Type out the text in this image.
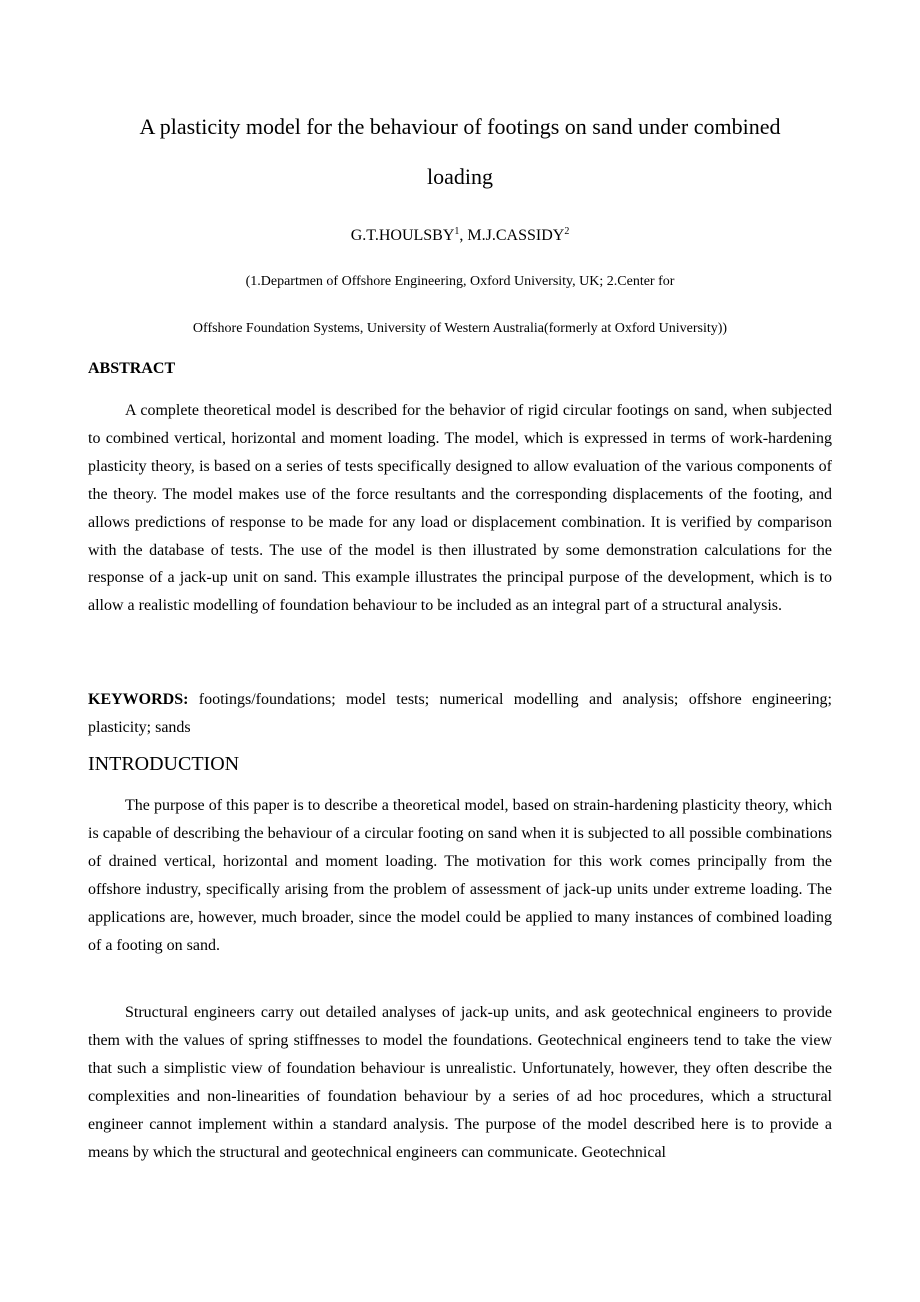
A plasticity model for the behaviour of footings on sand under combined
loading
G.T.HOULSBY$^1$, M.J.CASSIDY$^2$
(1.Departmen of Offshore Engineering, Oxford University, UK; 2.Center for
Offshore Foundation Systems, University of Western Australia(formerly at Oxford University))
ABSTRACT

A complete theoretical model is described for the behavior of rigid circular footings on sand, when subjected to combined vertical, horizontal and moment loading. The model, which is expressed in terms of work-hardening plasticity theory, is based on a series of tests specifically designed to allow evaluation of the various components of the theory. The model makes use of the force resultants and the corresponding displacements of the footing, and allows predictions of response to be made for any load or displacement combination. It is verified by comparison with the database of tests. The use of the model is then illustrated by some demonstration calculations for the response of a jack-up unit on sand. This example illustrates the principal purpose of the development, which is to allow a realistic modelling of foundation behaviour to be included as an integral part of a structural analysis.

KEYWORDS: footings/foundations; model tests; numerical modelling and analysis; offshore engineering; plasticity; sands

INTRODUCTION

The purpose of this paper is to describe a theoretical model, based on strain-hardening plasticity theory, which is capable of describing the behaviour of a circular footing on sand when it is subjected to all possible combinations of drained vertical, horizontal and moment loading. The motivation for this work comes principally from the offshore industry, specifically arising from the problem of assessment of jack-up units under extreme loading. The applications are, however, much broader, since the model could be applied to many instances of combined loading of a footing on sand.

Structural engineers carry out detailed analyses of jack-up units, and ask geotechnical engineers to provide them with the values of spring stiffnesses to model the foundations. Geotechnical engineers tend to take the view that such a simplistic view of foundation behaviour is unrealistic. Unfortunately, however, they often describe the complexities and non-linearities of foundation behaviour by a series of ad hoc procedures, which a structural engineer cannot implement within a standard analysis. The purpose of the model described here is to provide a means by which the structural and geotechnical engineers can communicate. Geotechnical
